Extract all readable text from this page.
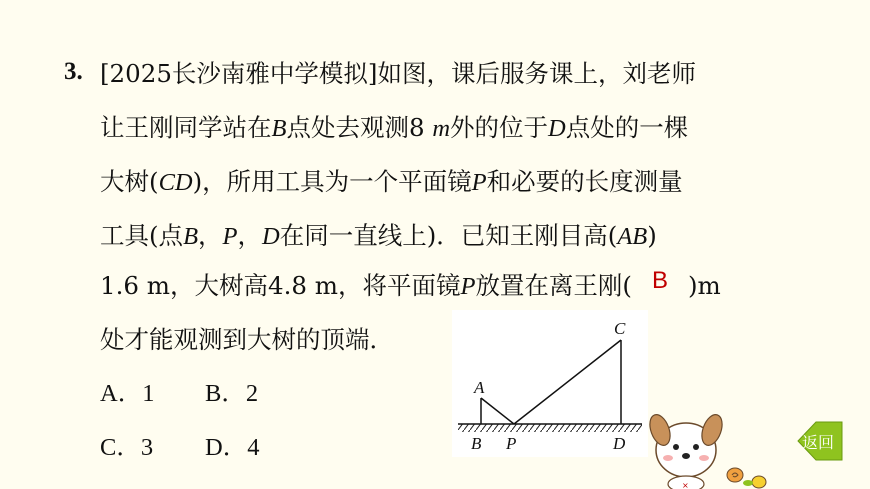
3. [2025长沙南雅中学模拟]如图，课后服务课上，刘老师
让王刚同学站在B点处去观测8 m外的位于D点处的一棵
大树(CD)，所用工具为一个平面镜P和必要的长度测量
工具(点B，P，D在同一直线上)．已知王刚目高(AB)
1.6 m，大树高4.8 m，将平面镜P放置在离王刚( B )m
处才能观测到大树的顶端．
A．1 B．2
C．3 D．4
A
B P
C
D
×
返回
